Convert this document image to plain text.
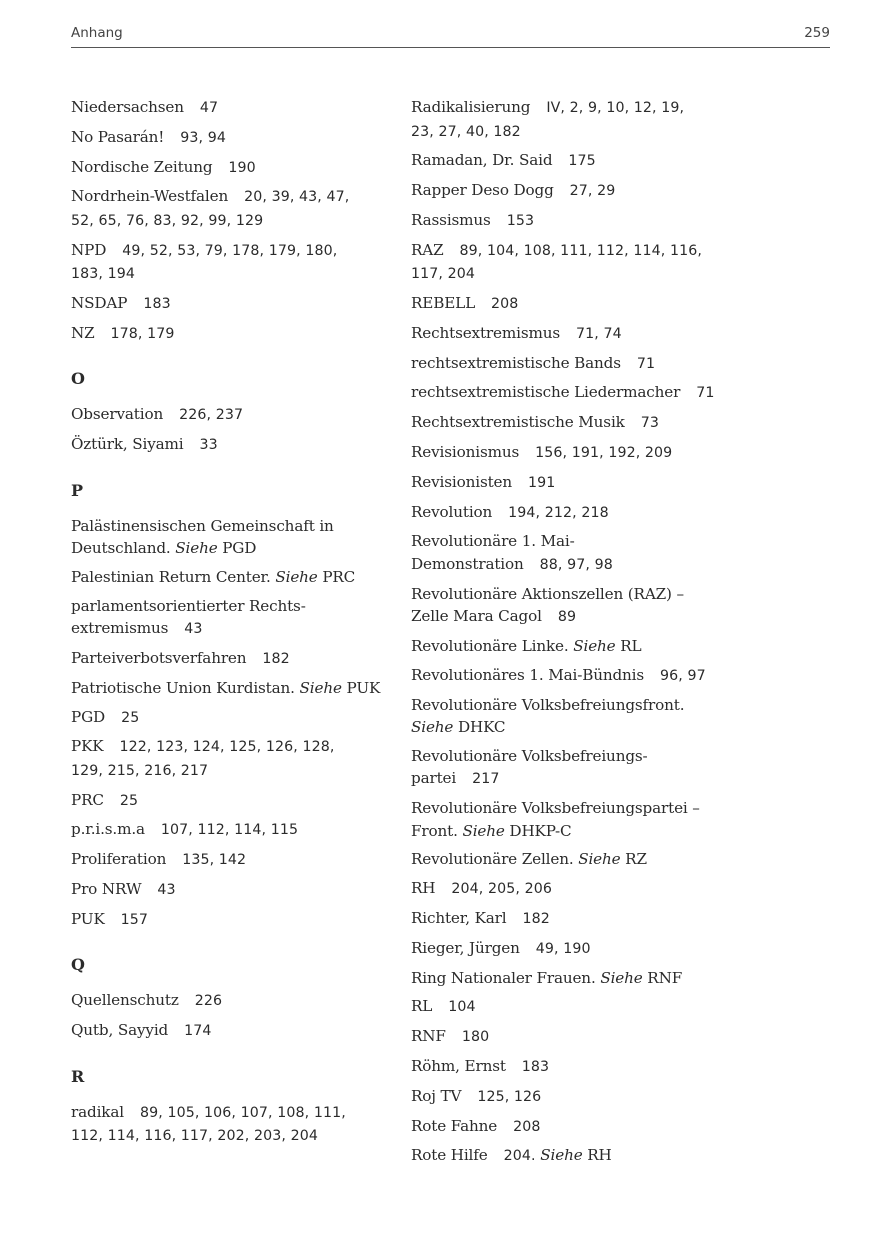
Anhang	259
Niedersachsen 47
No Pasarán! 93, 94
Nordische Zeitung 190
Nordrhein-Westfalen 20, 39, 43, 47,
52, 65, 76, 83, 92, 99, 129
NPD 49, 52, 53, 79, 178, 179, 180,
183, 194
NSDAP 183
NZ 178, 179
O
Observation 226, 237
Öztürk, Siyami 33
P
Palästinensischen Gemeinschaft in
Deutschland. Siehe PGD
Palestinian Return Center. Siehe PRC
parlamentsorientierter Rechts-
extremismus 43
Parteiverbotsverfahren 182
Patriotische Union Kurdistan. Siehe PUK
PGD 25
PKK 122, 123, 124, 125, 126, 128,
129, 215, 216, 217
PRC 25
p.r.i.s.m.a 107, 112, 114, 115
Proliferation 135, 142
Pro NRW 43
PUK 157
Q
Quellenschutz 226
Qutb, Sayyid 174
R
radikal 89, 105, 106, 107, 108, 111,
112, 114, 116, 117, 202, 203, 204
Radikalisierung IV, 2, 9, 10, 12, 19,
23, 27, 40, 182
Ramadan, Dr. Said 175
Rapper Deso Dogg 27, 29
Rassismus 153
RAZ 89, 104, 108, 111, 112, 114, 116,
117, 204
REBELL 208
Rechtsextremismus 71, 74
rechtsextremistische Bands 71
rechtsextremistische Liedermacher 71
Rechtsextremistische Musik 73
Revisionismus 156, 191, 192, 209
Revisionisten 191
Revolution 194, 212, 218
Revolutionäre 1. Mai-
Demonstration 88, 97, 98
Revolutionäre Aktionszellen (RAZ) –
Zelle Mara Cagol 89
Revolutionäre Linke. Siehe RL
Revolutionäres 1. Mai-Bündnis 96, 97
Revolutionäre Volksbefreiungsfront.
Siehe DHKC
Revolutionäre Volksbefreiungs-
partei 217
Revolutionäre Volksbefreiungspartei –
Front. Siehe DHKP-C
Revolutionäre Zellen. Siehe RZ
RH 204, 205, 206
Richter, Karl 182
Rieger, Jürgen 49, 190
Ring Nationaler Frauen. Siehe RNF
RL 104
RNF 180
Röhm, Ernst 183
Roj TV 125, 126
Rote Fahne 208
Rote Hilfe 204. Siehe RH
